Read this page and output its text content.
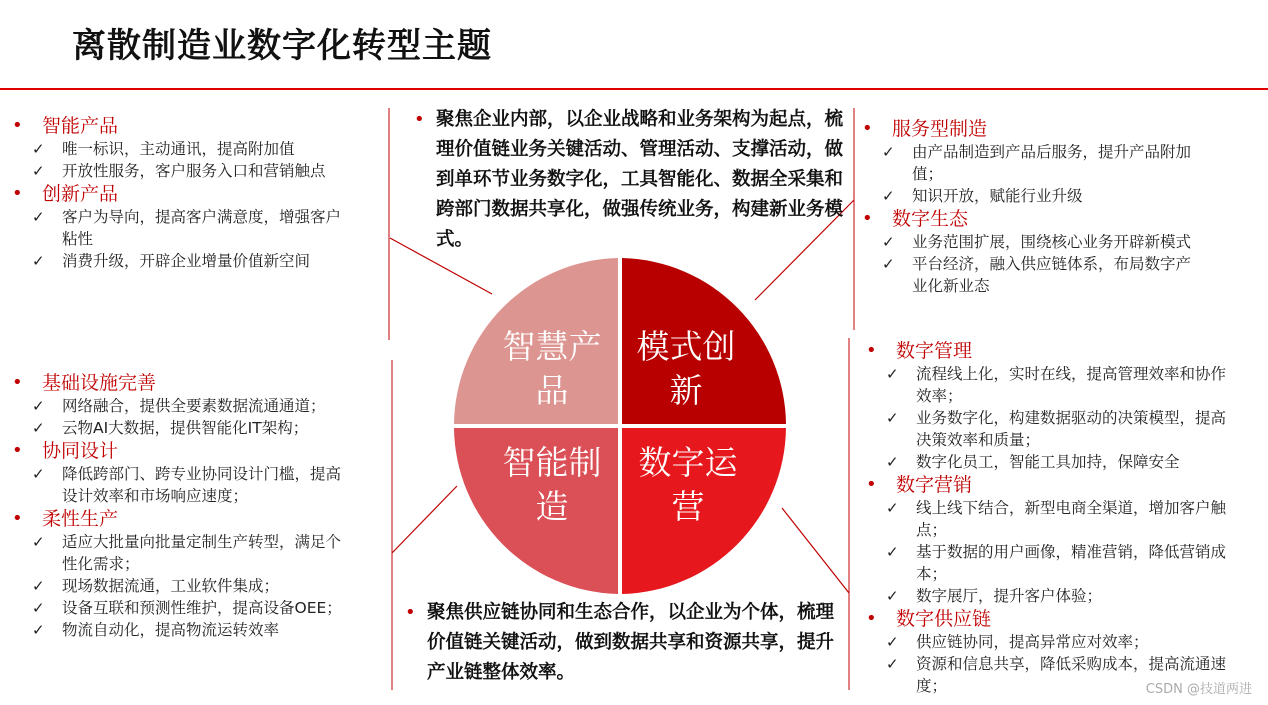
离散制造业数字化转型主题
智慧产
品
模式创
新
智能制
造
数字运
营
• 聚焦企业内部，以企业战略和业务架构为起点，梳理价值链业务关键活动、管理活动、支撑活动，做到单环节业务数字化，工具智能化、数据全采集和跨部门数据共享化，做强传统业务，构建新业务模式。
• 聚焦供应链协同和生态合作，以企业为个体，梳理价值链关键活动，做到数据共享和资源共享，提升产业链整体效率。
• 智能产品
✓ 唯一标识，主动通讯，提高附加值
✓ 开放性服务，客户服务入口和营销触点
• 创新产品
✓ 客户为导向，提高客户满意度，增强客户粘性
✓ 消费升级，开辟企业增量价值新空间
• 基础设施完善
✓ 网络融合，提供全要素数据流通通道；
✓ 云物AI大数据，提供智能化IT架构；
• 协同设计
✓ 降低跨部门、跨专业协同设计门槛，提高设计效率和市场响应速度；
• 柔性生产
✓ 适应大批量向批量定制生产转型，满足个性化需求；
✓ 现场数据流通，工业软件集成；
✓ 设备互联和预测性维护，提高设备OEE；
✓ 物流自动化，提高物流运转效率
• 服务型制造
✓ 由产品制造到产品后服务，提升产品附加值；
✓ 知识开放，赋能行业升级
• 数字生态
✓ 业务范围扩展，围绕核心业务开辟新模式
✓ 平台经济，融入供应链体系，布局数字产业化新业态
• 数字管理
✓ 流程线上化，实时在线，提高管理效率和协作效率；
✓ 业务数字化，构建数据驱动的决策模型，提高决策效率和质量；
✓ 数字化员工，智能工具加持，保障安全
• 数字营销
✓ 线上线下结合，新型电商全渠道，增加客户触点；
✓ 基于数据的用户画像，精准营销，降低营销成本；
✓ 数字展厅，提升客户体验；
• 数字供应链
✓ 供应链协同，提高异常应对效率；
✓ 资源和信息共享，降低采购成本，提高流通速度；	CSDN @技道两进
